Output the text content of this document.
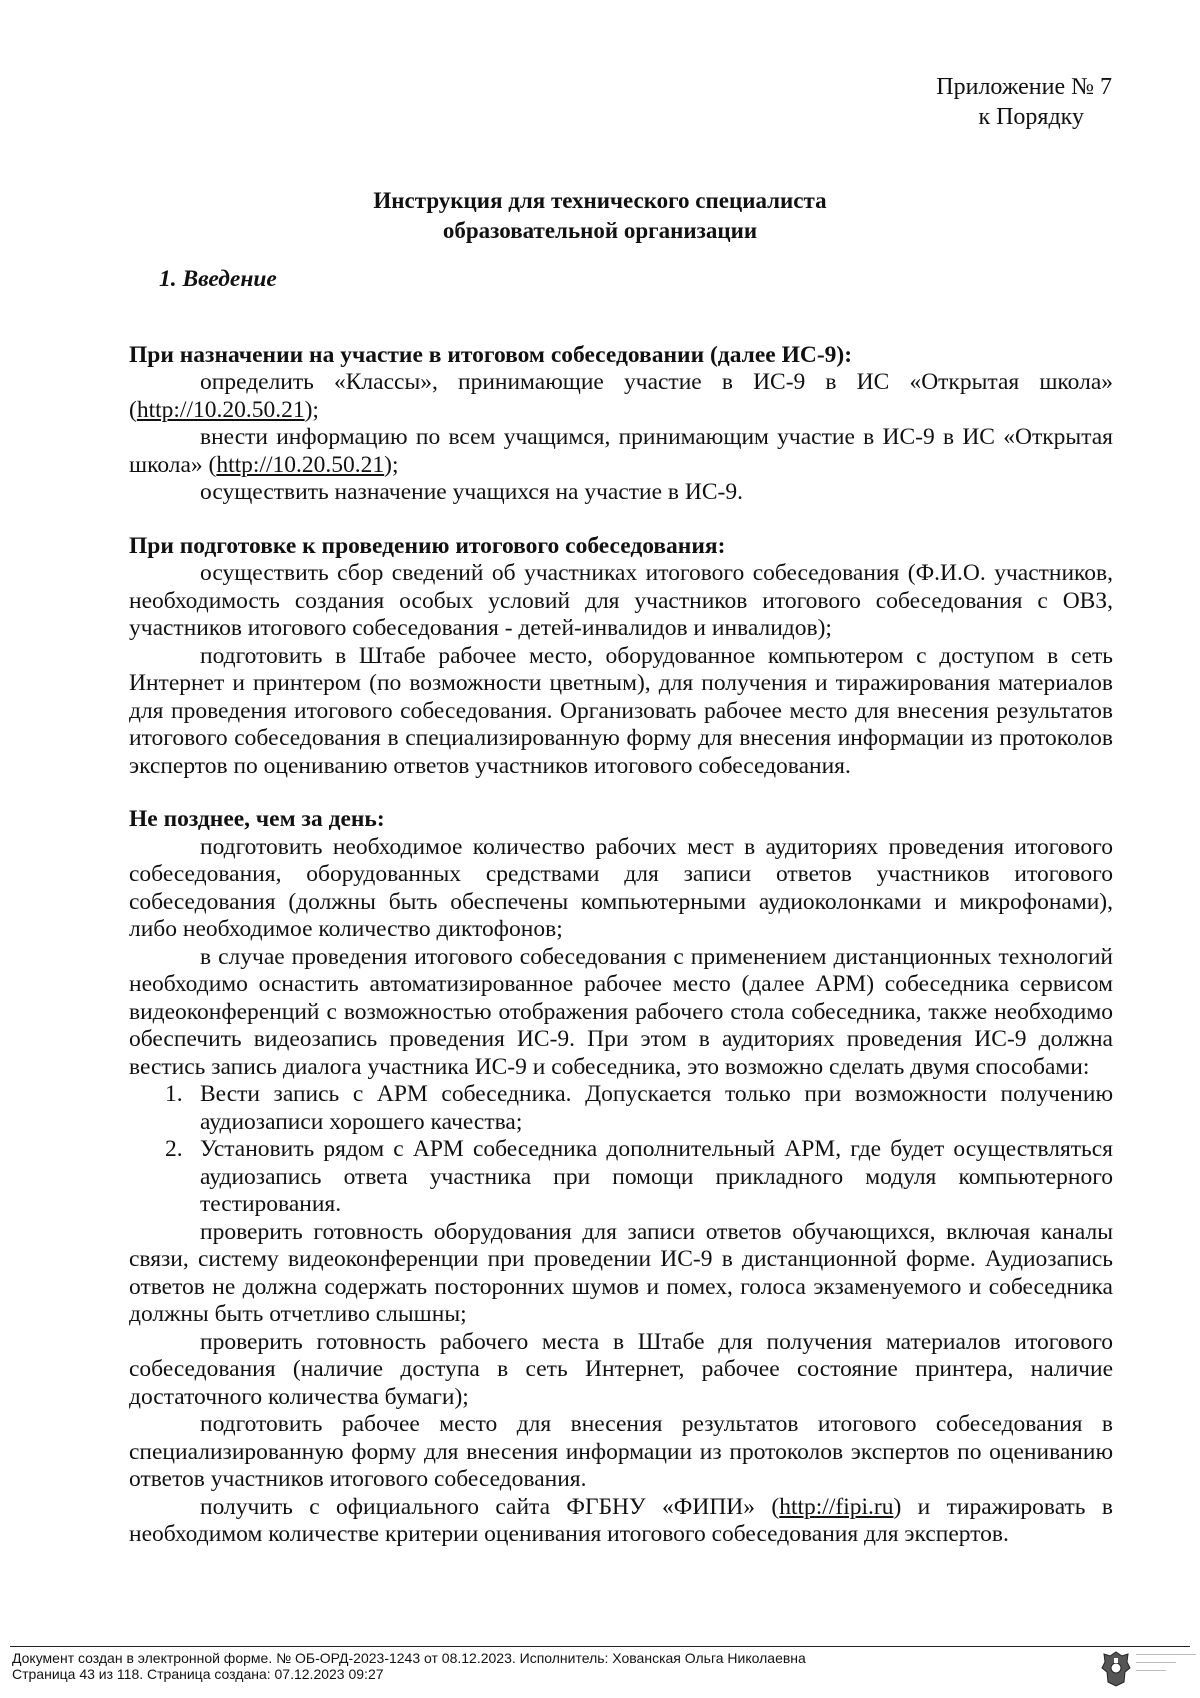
Приложение № 7
к Порядку
Инструкция для технического специалиста
образовательной организации
1. Введение
При назначении на участие в итоговом собеседовании (далее ИС-9):

определить «Классы», принимающие участие в ИС-9 в ИС «Открытая школа» (http://10.20.50.21);

внести информацию по всем учащимся, принимающим участие в ИС-9 в ИС «Открытая школа» (http://10.20.50.21);

осуществить назначение учащихся на участие в ИС-9.

При подготовке к проведению итогового собеседования:

осуществить сбор сведений об участниках итогового собеседования (Ф.И.О. участников, необходимость создания особых условий для участников итогового собеседования с ОВЗ, участников итогового собеседования - детей-инвалидов и инвалидов);

подготовить в Штабе рабочее место, оборудованное компьютером с доступом в сеть Интернет и принтером (по возможности цветным), для получения и тиражирования материалов для проведения итогового собеседования. Организовать рабочее место для внесения результатов итогового собеседования в специализированную форму для внесения информации из протоколов экспертов по оцениванию ответов участников итогового собеседования.

Не позднее, чем за день:

подготовить необходимое количество рабочих мест в аудиториях проведения итогового собеседования, оборудованных средствами для записи ответов участников итогового собеседования (должны быть обеспечены компьютерными аудиоколонками и микрофонами), либо необходимое количество диктофонов;

в случае проведения итогового собеседования с применением дистанционных технологий необходимо оснастить автоматизированное рабочее место (далее АРМ) собеседника сервисом видеоконференций с возможностью отображения рабочего стола собеседника, также необходимо обеспечить видеозапись проведения ИС-9. При этом в аудиториях проведения ИС-9 должна вестись запись диалога участника ИС-9 и собеседника, это возможно сделать двумя способами:

1. Вести запись с АРМ собеседника. Допускается только при возможности получению аудиозаписи хорошего качества;
2. Установить рядом с АРМ собеседника дополнительный АРМ, где будет осуществляться аудиозапись ответа участника при помощи прикладного модуля компьютерного тестирования.

проверить готовность оборудования для записи ответов обучающихся, включая каналы связи, систему видеоконференции при проведении ИС-9 в дистанционной форме. Аудиозапись ответов не должна содержать посторонних шумов и помех, голоса экзаменуемого и собеседника должны быть отчетливо слышны;

проверить готовность рабочего места в Штабе для получения материалов итогового собеседования (наличие доступа в сеть Интернет, рабочее состояние принтера, наличие достаточного количества бумаги);

подготовить рабочее место для внесения результатов итогового собеседования в специализированную форму для внесения информации из протоколов экспертов по оцениванию ответов участников итогового собеседования.

получить с официального сайта ФГБНУ «ФИПИ» (http://fipi.ru) и тиражировать в необходимом количестве критерии оценивания итогового собеседования для экспертов.

Документ создан в электронной форме. № ОБ-ОРД-2023-1243 от 08.12.2023. Исполнитель: Хованская Ольга Николаевна
Страница 43 из 118. Страница создана: 07.12.2023 09:27
